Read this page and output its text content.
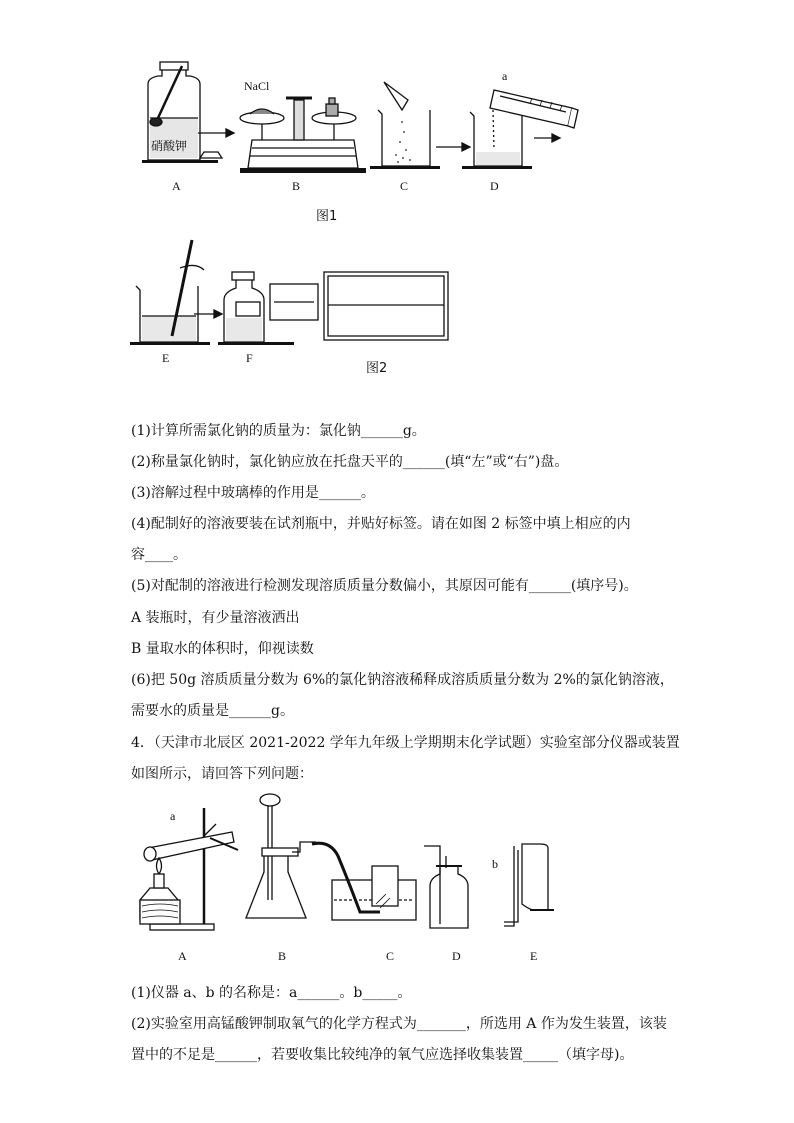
NaCl
a
硝酸钾
A	B	C	D
图1
E	F
图2
(1)计算所需氯化钠的质量为：氯化钠______g。
(2)称量氯化钠时，氯化钠应放在托盘天平的______(填“左”或“右”)盘。
(3)溶解过程中玻璃棒的作用是______。
(4)配制好的溶液要装在试剂瓶中，并贴好标签。请在如图 2 标签中填上相应的内
容____。
(5)对配制的溶液进行检测发现溶质质量分数偏小，其原因可能有______(填序号)。
A 装瓶时，有少量溶液洒出
B 量取水的体积时，仰视读数
(6)把 50g 溶质质量分数为 6%的氯化钠溶液稀释成溶质质量分数为 2%的氯化钠溶液，
需要水的质量是______g。
4．（天津市北辰区 2021-2022 学年九年级上学期期末化学试题）实验室部分仪器或装置
如图所示，请回答下列问题：
a
b
A	B	C	D	E
(1)仪器 a、b 的名称是：a______。b_____。
(2)实验室用高锰酸钾制取氧气的化学方程式为_______，所选用 A 作为发生装置，该装
置中的不足是______，若要收集比较纯净的氧气应选择收集装置_____（填字母)。
